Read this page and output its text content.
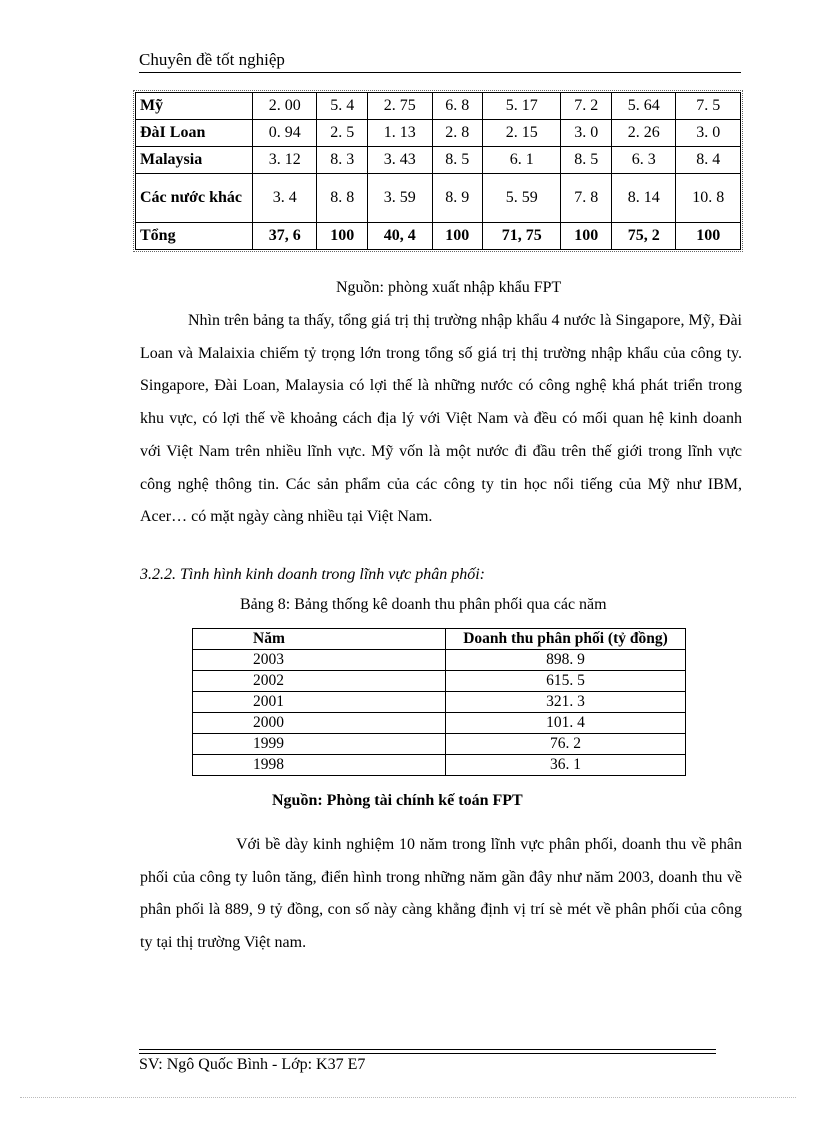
Chuyên đề tốt nghiệp
Mỹ	2. 00	5. 4	2. 75	6. 8	5. 17	7. 2	5. 64	7. 5
ĐàI Loan	0. 94	2. 5	1. 13	2. 8	2. 15	3. 0	2. 26	3. 0
Malaysia	3. 12	8. 3	3. 43	8. 5	6. 1	8. 5	6. 3	8. 4
Các nước khác	3. 4	8. 8	3. 59	8. 9	5. 59	7. 8	8. 14	10. 8
Tổng	37, 6	100	40, 4	100	71, 75	100	75, 2	100
Nguồn: phòng xuất nhập khẩu FPT
Nhìn trên bảng ta thấy, tổng giá trị thị trường nhập khẩu 4 nước là Singapore, Mỹ, Đài Loan và Malaixia chiếm tỷ trọng lớn trong tổng số giá trị thị trường nhập khẩu của công ty. Singapore, Đài Loan, Malaysia có lợi thế là những nước có công nghệ khá phát triển trong khu vực, có lợi thế về khoảng cách địa lý với Việt Nam và đều có mối quan hệ kinh doanh với Việt Nam trên nhiều lĩnh vực. Mỹ vốn là một nước đi đầu trên thế giới trong lĩnh vực công nghệ thông tin. Các sản phẩm của các công ty tin học nổi tiếng của Mỹ như IBM, Acer… có mặt ngày càng nhiều tại Việt Nam.
3.2.2. Tình hình kinh doanh trong lĩnh vực phân phối:
Bảng 8: Bảng thống kê doanh thu phân phối qua các năm
Năm	Doanh thu phân phối (tỷ đồng)
2003	898. 9
2002	615. 5
2001	321. 3
2000	101. 4
1999	76. 2
1998	36. 1
Nguồn: Phòng tài chính kế toán FPT
Với bề dày kinh nghiệm 10 năm trong lĩnh vực phân phối, doanh thu về phân phối của công ty luôn tăng, điển hình trong những năm gần đây như năm 2003, doanh thu về phân phối là 889, 9 tỷ đồng, con số này càng khẳng định vị trí sè mét về phân phối của công ty tại thị trường Việt nam.
SV: Ngô Quốc Bình - Lớp: K37 E7
